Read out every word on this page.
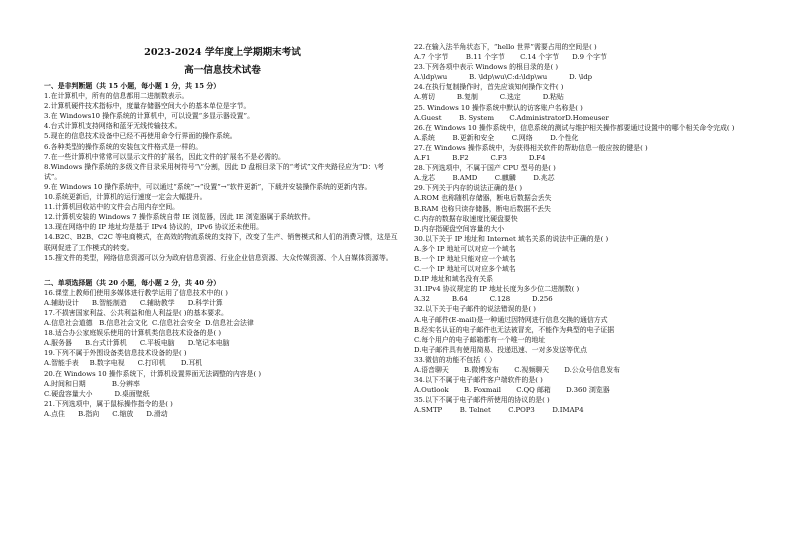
2023-2024 学年度上学期期末考试
高一信息技术试卷
一、是非判断题（共 15 小题，每小题 1 分，共 15 分）
1.在计算机中，所有的信息都用二进制数表示。
2.计算机硬件技术指标中，度量存储器空间大小的基本单位是字节。
3.在 Windows10 操作系统的计算机中，可以设置“多显示器设置”。
4.台式计算机支持网络和蓝牙无线传输技术。
5.现在的信息技术设备中已经不再使用命令行界面的操作系统。
6.各种类型的操作系统的安装包文件格式是一样的。
7.在一些计算机中常常可以显示文件的扩展名，因此文件的扩展名不是必需的。
8.Windows 操作系统的多级文件目录采用树符号“\”分割，因此 D 盘根目录下的“考试”文件夹路径应为“D：\考试”。
9.在 Windows 10 操作系统中，可以通过“系统”→“设置”→“软件更新”，下载并安装操作系统的更新内容。
10.系统更新后，计算机的运行速度一定会大幅提升。
11.计算机回收站中的文件会占用内存空间。
12.计算机安装的 Windows 7 操作系统自带 IE 浏览器，因此 IE 浏览器属于系统软件。
13.现在网络中的 IP 地址均是基于 IPv4 协议的，IPv6 协议还未使用。
14.B2C、B2B、C2C 等电商模式，在高效的物流系统的支持下，改变了生产、销售模式和人们的消费习惯，这是互联网促进了工作模式的转变。
15.搜文件的类型，网络信息资源可以分为政府信息资源、行业企业信息资源、大众传媒资源、个人自媒体资源等。
二、单项选择题（共 20 小题，每小题 2 分，共 40 分）
16.课堂上教师们使用多媒体进行教学运用了信息技术中的( )
A.辅助设计      B.智能制造      C.辅助教学      D.科学计算
17.不损害国家利益、公共利益和他人利益是( )的基本要求。
A.信息社会道德   B.信息社会文化  C.信息社会安全  D.信息社会法律
18.适合办公家庭娱乐使用的计算机类信息技术设备的是( )
A.服务器      B.台式计算机      C.平板电脑      D.笔记本电脑
19.下列不属于外围设备类信息技术设备的是( )
A.智能手表     B.数字电视      C.打印机       D.耳机
20.在 Windows 10 操作系统下，计算机设置界面无法调整的内容是( )
A.时间和日期            B.分辨率
C.硬盘容量大小          D.桌面壁纸
21.下列选项中，属于鼠标操作指令的是( )
A.点住      B.指向      C.缩放      D.滑动
22.在输入法半角状态下，“hello 世界”需要占用的空间是( )
A.7 个字节        B.11 个字节       C.14 个字节      D.9 个字节
23.下列各项中表示 Windows 的根目录的是( )
A.\ldp\wu          B. \ldp\wu\C:d:\ldp\wu          D. \ldp
24.在执行复制操作时，首先应该知何操作文件( )
A.剪切          B.复制          C.选定          D.粘贴
25. Windows 10 操作系统中默认的访客账户名称是( )
A.Guest        B. System       C.AdministratorD.Homeuser
26.在 Windows 10 操作系统中，信息系统的测试与维护相关操作都要通过设置中的哪个相关命令完成( )
A.系统        B.更新和安全        C.网络        D.个性化
27.在 Windows 操作系统中，为获得相关软件的帮助信息一般应按的键是( )
A.F1          B.F2          C.F3          D.F4
28.下列选项中，不属于国产 CPU 型号的是( )
A.龙芯        B.AMD        C.麒麟        D.兆芯
29.下列关于内存的说法正确的是( )
A.ROM 也称随机存储器，断电后数据会丢失
B.RAM 也称只读存储器，断电后数据不丢失
C.内存的数据存取速度比硬盘要快
D.内存指硬盘空间容量的大小
30.以下关于 IP 地址和 Internet 域名关系的说法中正确的是( )
A.多个 IP 地址可以对应一个域名
B.一个 IP 地址只能对应一个域名
C.一个 IP 地址可以对应多个域名
D.IP 地址和域名没有关系
31.IPv4 协议规定的 IP 地址长度为多少位二进制数( )
A.32          B.64          C.128          D.256
32.以下关于电子邮件的说法错误的是( )
A.电子邮件(E-mail)是一种通过因特网进行信息交换的通信方式
B.经实名认证的电子邮件也无法被冒充，不能作为典型的电子证据
C.每个用户的电子邮箱都有一个唯一的地址
D.电子邮件具有使用简易、投递迅速、一对多发送等优点
33.微信的功能不包括（ ）
A.语音聊天       B.微博发布       C.视频聊天       D.公众号信息发布
34.以下不属于电子邮件客户端软件的是( )
A.Outlook       B. Foxmail       C.QQ 邮箱       D.360 浏览器
35.以下不属于电子邮件所使用的协议的是( )
A.SMTP        B. Telnet        C.POP3        D.IMAP4
